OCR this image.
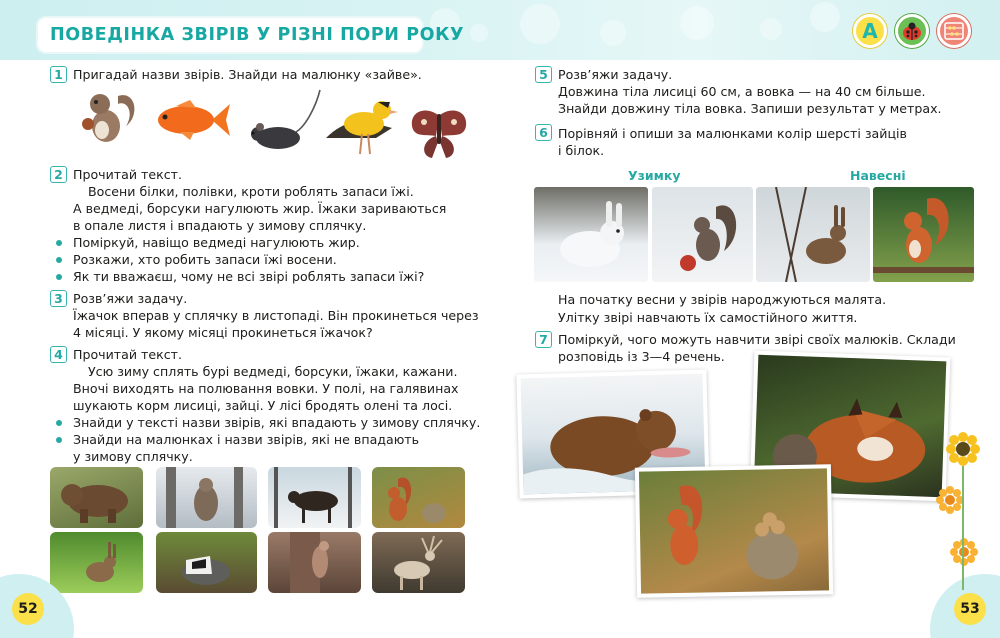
ПОВЕДІНКА ЗВІРІВ У РІЗНІ ПОРИ РОКУ	A
1 Пригадай назви звірів. Знайди на малюнку «зайве».
2 Прочитай текст.
Восени білки, полівки, кроти роблять запаси їжі.
А ведмеді, борсуки нагулюють жир. Їжаки зариваються
в опале листя і впадають у зимову сплячку.
Поміркуй, навіщо ведмеді нагулюють жир.
Розкажи, хто робить запаси їжі восени.
Як ти вважаєш, чому не всі звірі роблять запаси їжі?
3 Розв’яжи задачу.
Їжачок вперав у сплячку в листопаді. Він прокинеться через
4 місяці. У якому місяці прокинеться їжачок?
4 Прочитай текст.
Усю зиму сплять бурі ведмеді, борсуки, їжаки, кажани.
Вночі виходять на полювання вовки. У полі, на галявинах
шукають корм лисиці, зайці. У лісі бродять олені та лосі.
Знайди у тексті назви звірів, які впадають у зимову сплячку.
Знайди на малюнках і назви звірів, які не впадають
у зимову сплячку.
52	53
5 Розв’яжи задачу.
Довжина тіла лисиці 60 см, а вовка — на 40 см більше.
Знайди довжину тіла вовка. Запиши результат у метрах.
6 Порівняй і опиши за малюнками колір шерсті зайців
і білок.
Узимку	Навесні
На початку весни у звірів народжуються малята.
Улітку звірі навчають їх самостійного життя.
7 Поміркуй, чого можуть навчити звірі своїх малюків. Склади
розповідь із 3—4 речень.
